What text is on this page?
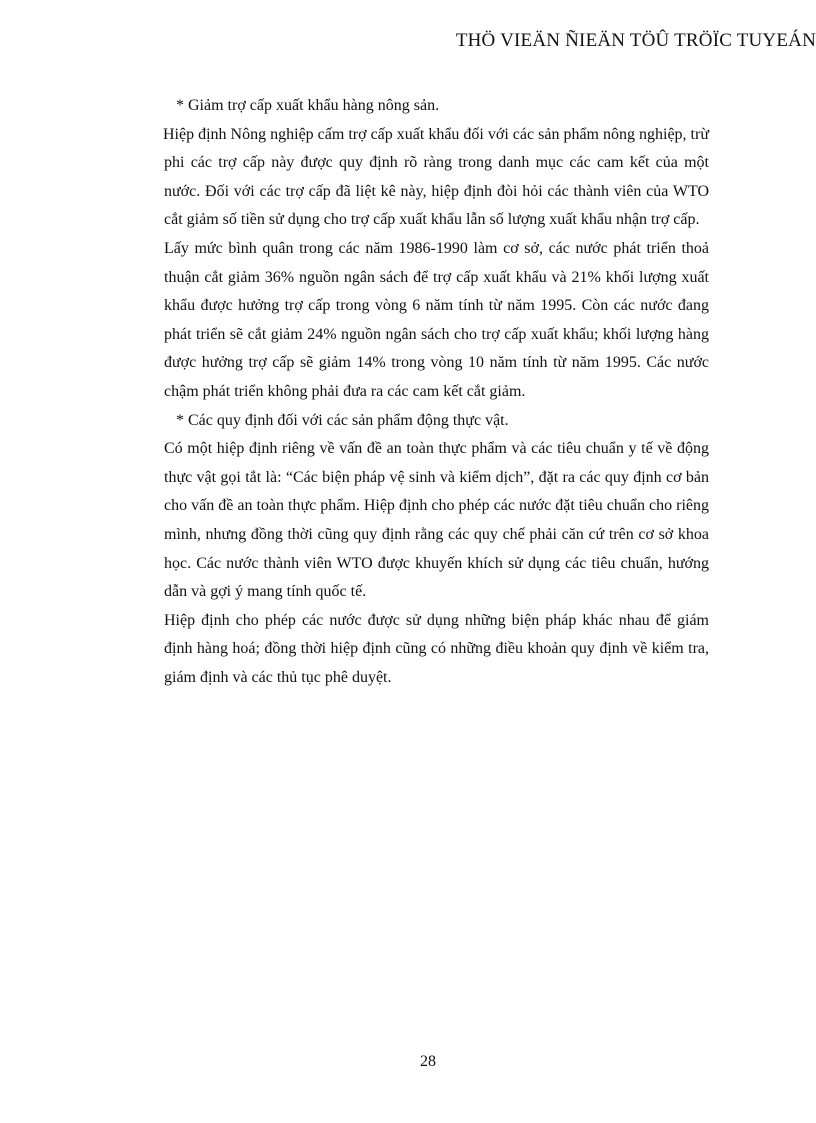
THÖ VIEÄN ÑIEÄN TÖÛ TRÖÏC TUYEÁN

* Giảm trợ cấp xuất khẩu hàng nông sản.

Hiệp định Nông nghiệp cấm trợ cấp xuất khẩu đối với các sản phẩm nông nghiệp, trừ phi các trợ cấp này được quy định rõ ràng trong danh mục các cam kết của một nước. Đối với các trợ cấp đã liệt kê này, hiệp định đòi hỏi các thành viên của WTO cắt giảm số tiền sử dụng cho trợ cấp xuất khẩu lẫn số lượng xuất khẩu nhận trợ cấp.

Lấy mức bình quân trong các năm 1986-1990 làm cơ sở, các nước phát triển thoả thuận cắt giảm 36% nguồn ngân sách để trợ cấp xuất khẩu và 21% khối lượng xuất khẩu được hưởng trợ cấp trong vòng 6 năm tính từ năm 1995. Còn các nước đang phát triển sẽ cắt giảm 24% nguồn ngân sách cho trợ cấp xuất khẩu; khối lượng hàng được hưởng trợ cấp sẽ giảm 14% trong vòng 10 năm tính từ năm 1995. Các nước chậm phát triển không phải đưa ra các cam kết cắt giảm.

* Các quy định đối với các sản phẩm động thực vật.

Có một hiệp định riêng về vấn đề an toàn thực phẩm và các tiêu chuẩn y tế về động thực vật gọi tắt là: “Các biện pháp vệ sinh và kiểm dịch”, đặt ra các quy định cơ bản cho vấn đề an toàn thực phẩm. Hiệp định cho phép các nước đặt tiêu chuẩn cho riêng mình, nhưng đồng thời cũng quy định rằng các quy chế phải căn cứ trên cơ sở khoa học. Các nước thành viên WTO được khuyến khích sử dụng các tiêu chuẩn, hướng dẫn và gợi ý mang tính quốc tế.

Hiệp định cho phép các nước được sử dụng những biện pháp khác nhau để giám định hàng hoá; đồng thời hiệp định cũng có những điều khoản quy định về kiểm tra, giám định và các thủ tục phê duyệt.

28
